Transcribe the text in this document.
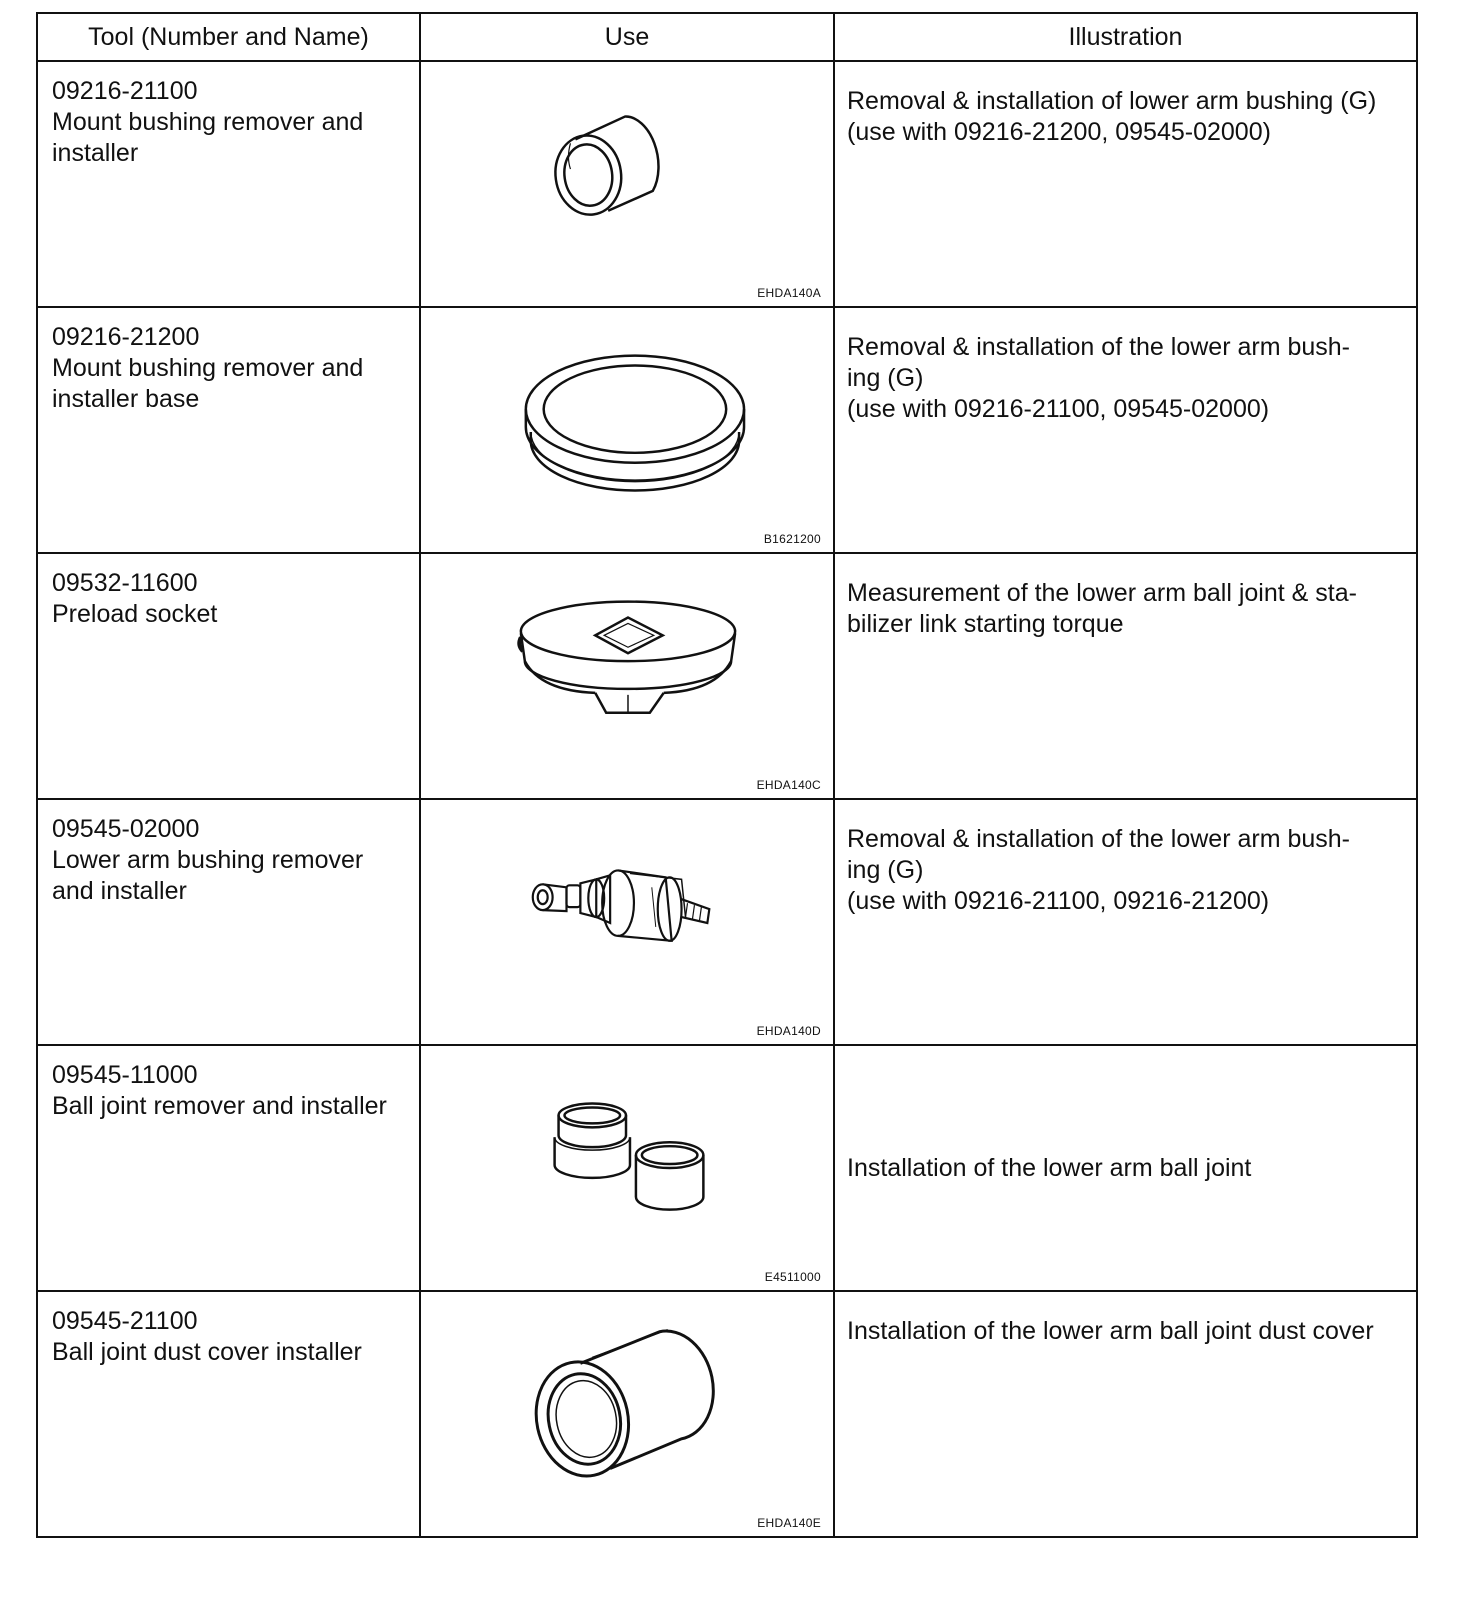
Tool (Number and Name)	Use	Illustration

09216-21100
Mount bushing remover and
installer	EHDA140A	Removal & installation of lower arm bushing (G)
(use with 09216-21200, 09545-02000)

09216-21200
Mount bushing remover and
installer base	B1621200	Removal & installation of the lower arm bush-
ing (G)
(use with 09216-21100, 09545-02000)

09532-11600
Preload socket	EHDA140C	Measurement of the lower arm ball joint & sta-
bilizer link starting torque

09545-02000
Lower arm bushing remover
and installer	EHDA140D	Removal & installation of the lower arm bush-
ing (G)
(use with 09216-21100, 09216-21200)

09545-11000
Ball joint remover and installer	E4511000	Installation of the lower arm ball joint

09545-21100
Ball joint dust cover installer	EHDA140E	Installation of the lower arm ball joint dust cover
